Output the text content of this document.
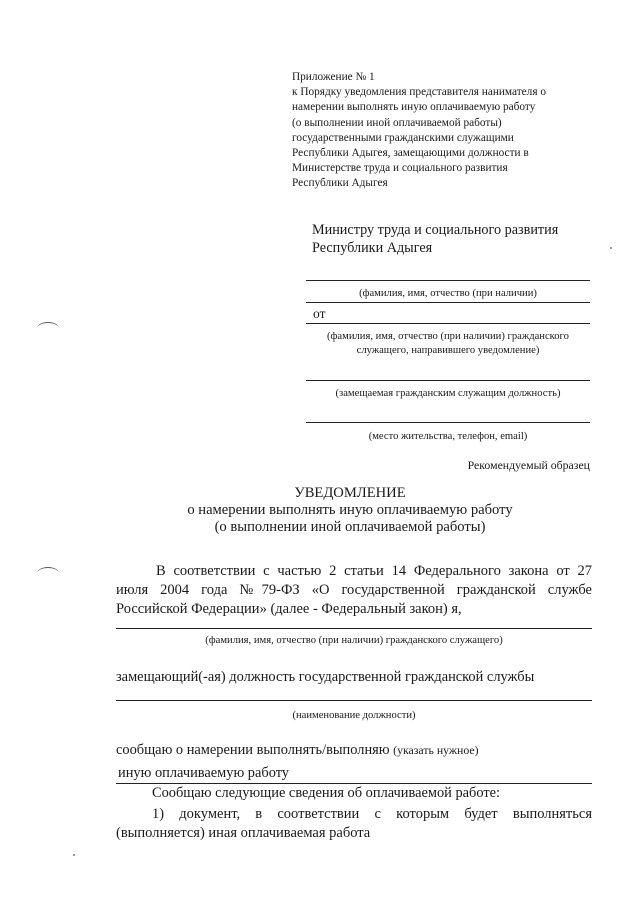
Приложение № 1
к Порядку уведомления представителя нанимателя о
намерении выполнять иную оплачиваемую работу
(о выполнении иной оплачиваемой работы)
государственными гражданскими служащими
Республики Адыгея, замещающими должности в
Министерстве труда и социального развития
Республики Адыгея
Министру труда и социального развития
Республики Адыгея
(фамилия, имя, отчество (при наличии)
от
(фамилия, имя, отчество (при наличии) гражданского
служащего, направившего уведомление)
(замещаемая гражданским служащим должность)
(место жительства, телефон, email)
Рекомендуемый образец
УВЕДОМЛЕНИЕ
о намерении выполнять иную оплачиваемую работу
(о выполнении иной оплачиваемой работы)
В соответствии с частью 2 статьи 14 Федерального закона от 27
июля 2004 года №79-ФЗ «О государственной гражданской службе
Российской Федерации» (далее - Федеральный закон) я,
(фамилия, имя, отчество (при наличии) гражданского служащего)
замещающий(-ая) должность государственной гражданской службы
(наименование должности)
сообщаю о намерении выполнять/выполняю (указать нужное)
иную оплачиваемую работу
Сообщаю следующие сведения об оплачиваемой работе:
1) документ, в соответствии с которым будет выполняться
(выполняется) иная оплачиваемая работа
